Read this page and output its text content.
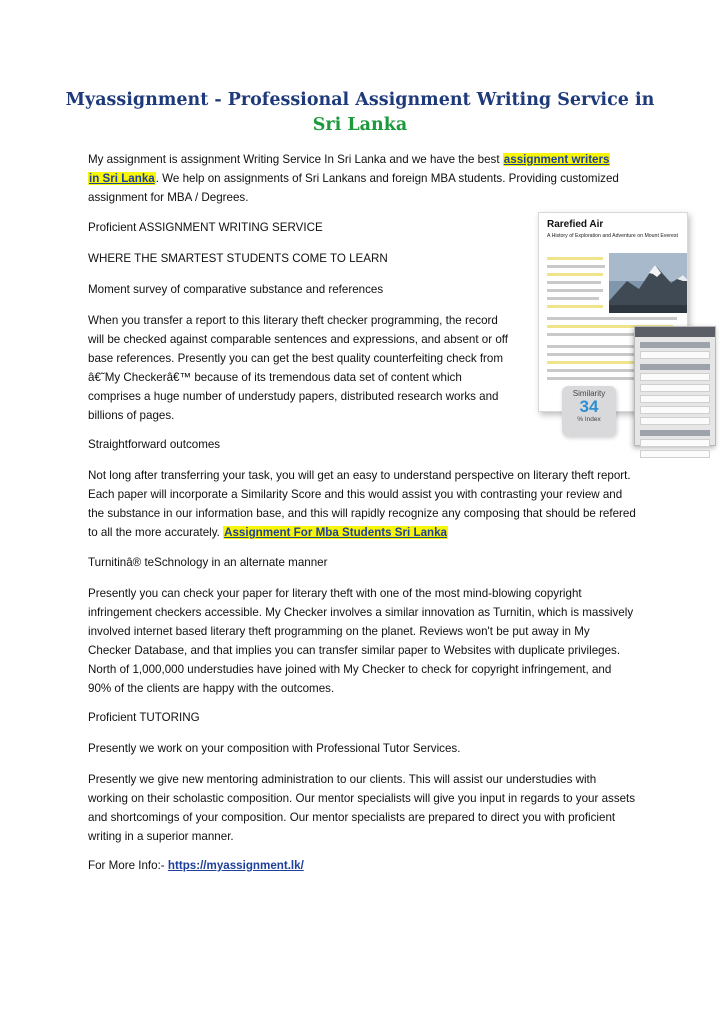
Myassignment - Professional Assignment Writing Service in
Sri Lanka

My assignment is assignment Writing Service In Sri Lanka and we have the best assignment writers
in Sri Lanka. We help on assignments of Sri Lankans and foreign MBA students. Providing customized assignment for MBA / Degrees.

Proficient ASSIGNMENT WRITING SERVICE

WHERE THE SMARTEST STUDENTS COME TO LEARN

Moment survey of comparative substance and references

When you transfer a report to this literary theft checker programming, the record will be checked against comparable sentences and expressions, and absent or off base references. Presently you can get the best quality counterfeiting check from â€˜My Checkerâ€™ because of its tremendous data set of content which comprises a huge number of understudy papers, distributed research works and billions of pages.

Straightforward outcomes

Not long after transferring your task, you will get an easy to understand perspective on literary theft report. Each paper will incorporate a Similarity Score and this would assist you with contrasting your review and the substance in our information base, and this will rapidly recognize any composing that should be refered to all the more accurately. Assignment For Mba Students Sri Lanka

Turnitinâ® teSchnology in an alternate manner

Presently you can check your paper for literary theft with one of the most mind-blowing copyright infringement checkers accessible. My Checker involves a similar innovation as Turnitin, which is massively involved internet based literary theft programming on the planet. Reviews won't be put away in My Checker Database, and that implies you can transfer similar paper to Websites with duplicate privileges. North of 1,000,000 understudies have joined with My Checker to check for copyright infringement, and 90% of the clients are happy with the outcomes.

Proficient TUTORING

Presently we work on your composition with Professional Tutor Services.

Presently we give new mentoring administration to our clients. This will assist our understudies with working on their scholastic composition. Our mentor specialists will give you input in regards to your assets and shortcomings of your composition. Our mentor specialists are prepared to direct you with proficient writing in a superior manner.

For More Info:- https://myassignment.lk/

Rarefied Air
A History of Exploration and Adventure on Mount Everest
Similarity
34
% Index
